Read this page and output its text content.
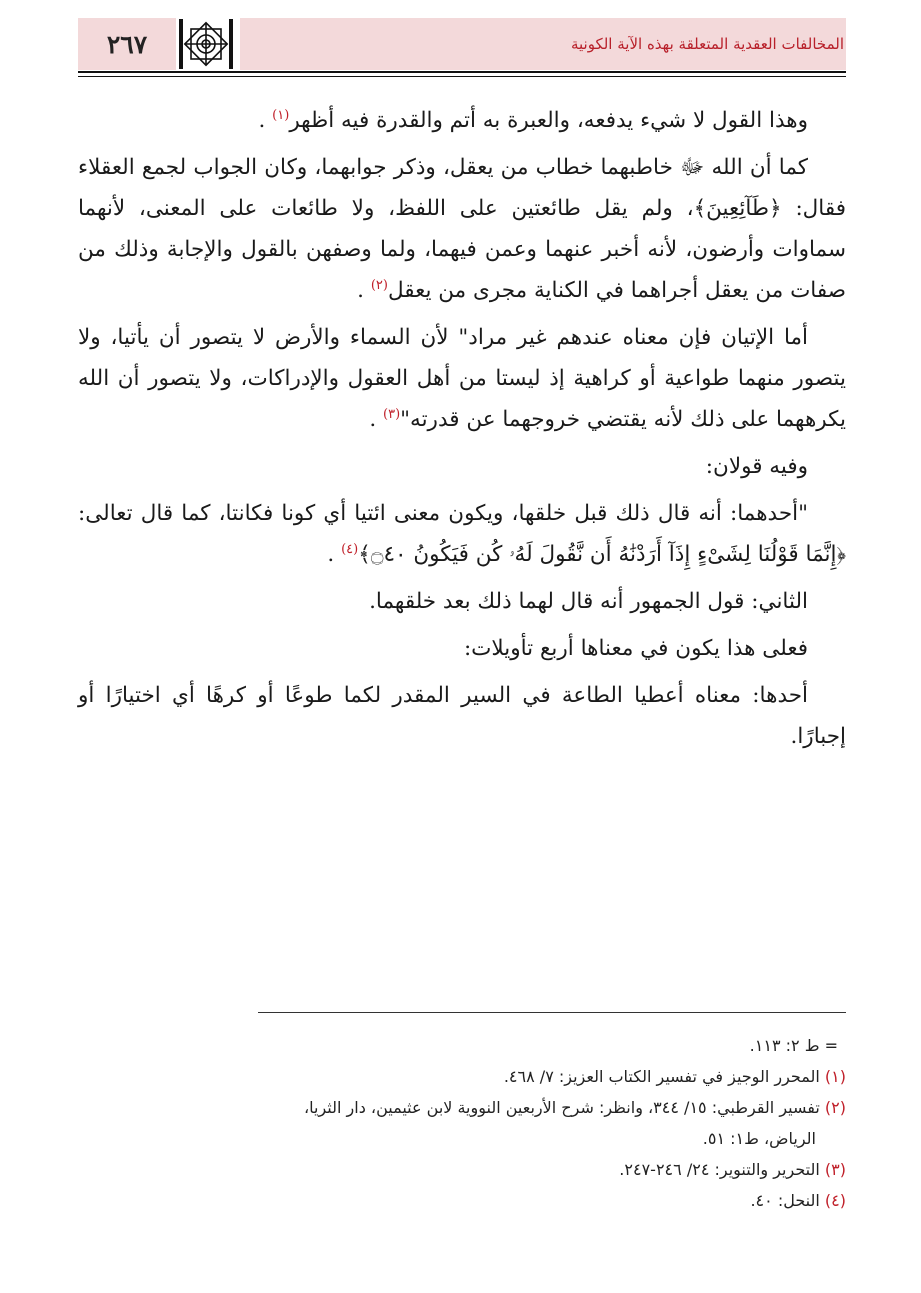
٢٦٧	المخالفات العقدية المتعلقة بهذه الآية الكونية

وهذا القول لا شيء يدفعه، والعبرة به أتم والقدرة فيه أظهر$^{(١)}$ .

كما أن الله ﷻ خاطبهما خطاب من يعقل، وذكر جوابهما، وكان الجواب لجمع العقلاء فقال: ﴿طَآئِعِينَ﴾، ولم يقل طائعتين على اللفظ، ولا طائعات على المعنى، لأنهما سماوات وأرضون، لأنه أخبر عنهما وعمن فيهما، ولما وصفهن بالقول والإجابة وذلك من صفات من يعقل أجراهما في الكناية مجرى من يعقل$^{(٢)}$ .

أما الإتيان فإن معناه عندهم غير مراد" لأن السماء والأرض لا يتصور أن يأتيا، ولا يتصور منهما طواعية أو كراهية إذ ليستا من أهل العقول والإدراكات، ولا يتصور أن الله يكرههما على ذلك لأنه يقتضي خروجهما عن قدرته"$^{(٣)}$ .

وفيه قولان:

"أحدهما: أنه قال ذلك قبل خلقها، ويكون معنى ائتيا أي كونا فكانتا، كما قال تعالى: ﴿إِنَّمَا قَوْلُنَا لِشَىْءٍ إِذَآ أَرَدْنَٰهُ أَن نَّقُولَ لَهُۥ كُن فَيَكُونُ ۝٤٠﴾$^{(٤)}$ .

الثاني: قول الجمهور أنه قال لهما ذلك بعد خلقهما.

فعلى هذا يكون في معناها أربع تأويلات:

أحدها: معناه أعطيا الطاعة في السير المقدر لكما طوعًا أو كرهًا أي اختيارًا أو إجبارًا.

= ط ٢: ١١٣.

(١) المحرر الوجيز في تفسير الكتاب العزيز: ٧/ ٤٦٨.

(٢) تفسير القرطبي: ١٥/ ٣٤٤، وانظر: شرح الأربعين النووية لابن عثيمين، دار الثريا،

الرياض، ط١: ٥١.

(٣) التحرير والتنوير: ٢٤/ ٢٤٦-٢٤٧.

(٤) النحل: ٤٠.
